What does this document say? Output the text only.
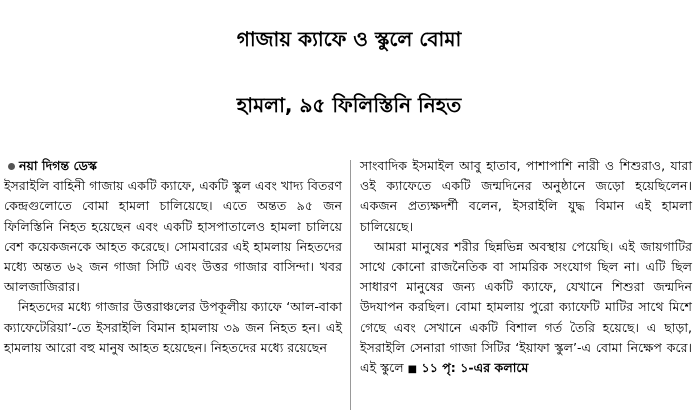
গাজায় ক্যাফে ও স্কুলে বোমা
হামলা, ৯৫ ফিলিস্তিনি নিহত
নয়া দিগন্ত ডেস্ক

ইসরাইলি বাহিনী গাজায় একটি ক্যাফে, একটি স্কুল এবং খাদ্য বিতরণ কেন্দ্রগুলোতে বোমা হামলা চালিয়েছে। এতে অন্তত ৯৫ জন ফিলিস্তিনি নিহত হয়েছেন এবং একটি হাসপাতালেও হামলা চালিয়ে বেশ কয়েকজনকে আহত করেছে। সোমবারের এই হামলায় নিহতদের মধ্যে অন্তত ৬২ জন গাজা সিটি এবং উত্তর গাজার বাসিন্দা। খবর আলজাজিরার।

নিহতদের মধ্যে গাজার উত্তরাঞ্চলের উপকূলীয় ক্যাফে ‘আল-বাকা ক্যাফেটেরিয়া’-তে ইসরাইলি বিমান হামলায় ৩৯ জন নিহত হন। এই হামলায় আরো বহু মানুষ আহত হয়েছেন। নিহতদের মধ্যে রয়েছেন

সাংবাদিক ইসমাইল আবু হাতাব, পাশাপাশি নারী ও শিশুরাও, যারা ওই ক্যাফেতে একটি জন্মদিনের অনুষ্ঠানে জড়ো হয়েছিলেন। একজন প্রত্যক্ষদর্শী বলেন, ইসরাইলি যুদ্ধ বিমান এই হামলা চালিয়েছে।

আমরা মানুষের শরীর ছিন্নভিন্ন অবস্থায় পেয়েছি। এই জায়গাটির সাথে কোনো রাজনৈতিক বা সামরিক সংযোগ ছিল না। এটি ছিল সাধারণ মানুষের জন্য একটি ক্যাফে, যেখানে শিশুরা জন্মদিন উদযাপন করছিল। বোমা হামলায় পুরো ক্যাফেটি মাটির সাথে মিশে গেছে এবং সেখানে একটি বিশাল গর্ত তৈরি হয়েছে। এ ছাড়া, ইসরাইলি সেনারা গাজা সিটির ‘ইয়াফা স্কুল’-এ বোমা নিক্ষেপ করে। এই স্কুলে ■ ১১ পৃ: ১-এর কলামে
